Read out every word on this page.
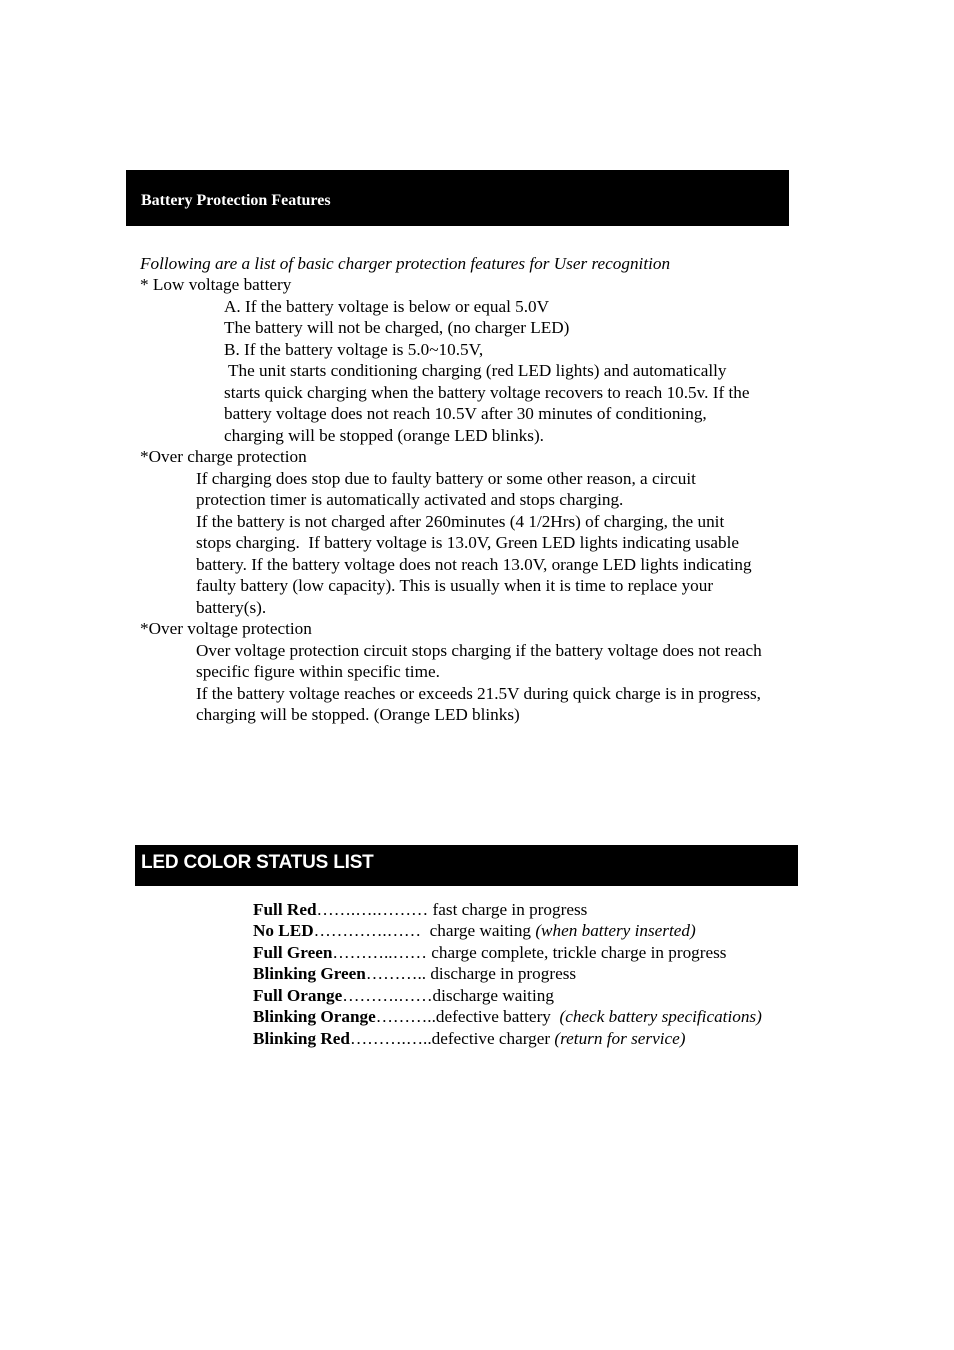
Battery Protection Features
Following are a list of basic charger protection features for User recognition
* Low voltage battery
A. If the battery voltage is below or equal 5.0V
The battery will not be charged, (no charger LED)
B. If the battery voltage is 5.0~10.5V,
The unit starts conditioning charging (red LED lights) and automatically
starts quick charging when the battery voltage recovers to reach 10.5v. If the
battery voltage does not reach 10.5V after 30 minutes of conditioning,
charging will be stopped (orange LED blinks).
*Over charge protection
If charging does stop due to faulty battery or some other reason, a circuit
protection timer is automatically activated and stops charging.
If the battery is not charged after 260minutes (4 1/2Hrs) of charging, the unit
stops charging.  If battery voltage is 13.0V, Green LED lights indicating usable
battery. If the battery voltage does not reach 13.0V, orange LED lights indicating
faulty battery (low capacity). This is usually when it is time to replace your
battery(s).
*Over voltage protection
Over voltage protection circuit stops charging if the battery voltage does not reach
specific figure within specific time.
If the battery voltage reaches or exceeds 21.5V during quick charge is in progress,
charging will be stopped. (Orange LED blinks)
LED COLOR STATUS LIST
Full Red…….….……… fast charge in progress
No LED………….……  charge waiting (when battery inserted)
Full Green………..…… charge complete, trickle charge in progress
Blinking Green……….. discharge in progress
Full Orange……….……discharge waiting
Blinking Orange………..defective battery  (check battery specifications)
Blinking Red……….…..defective charger (return for service)
